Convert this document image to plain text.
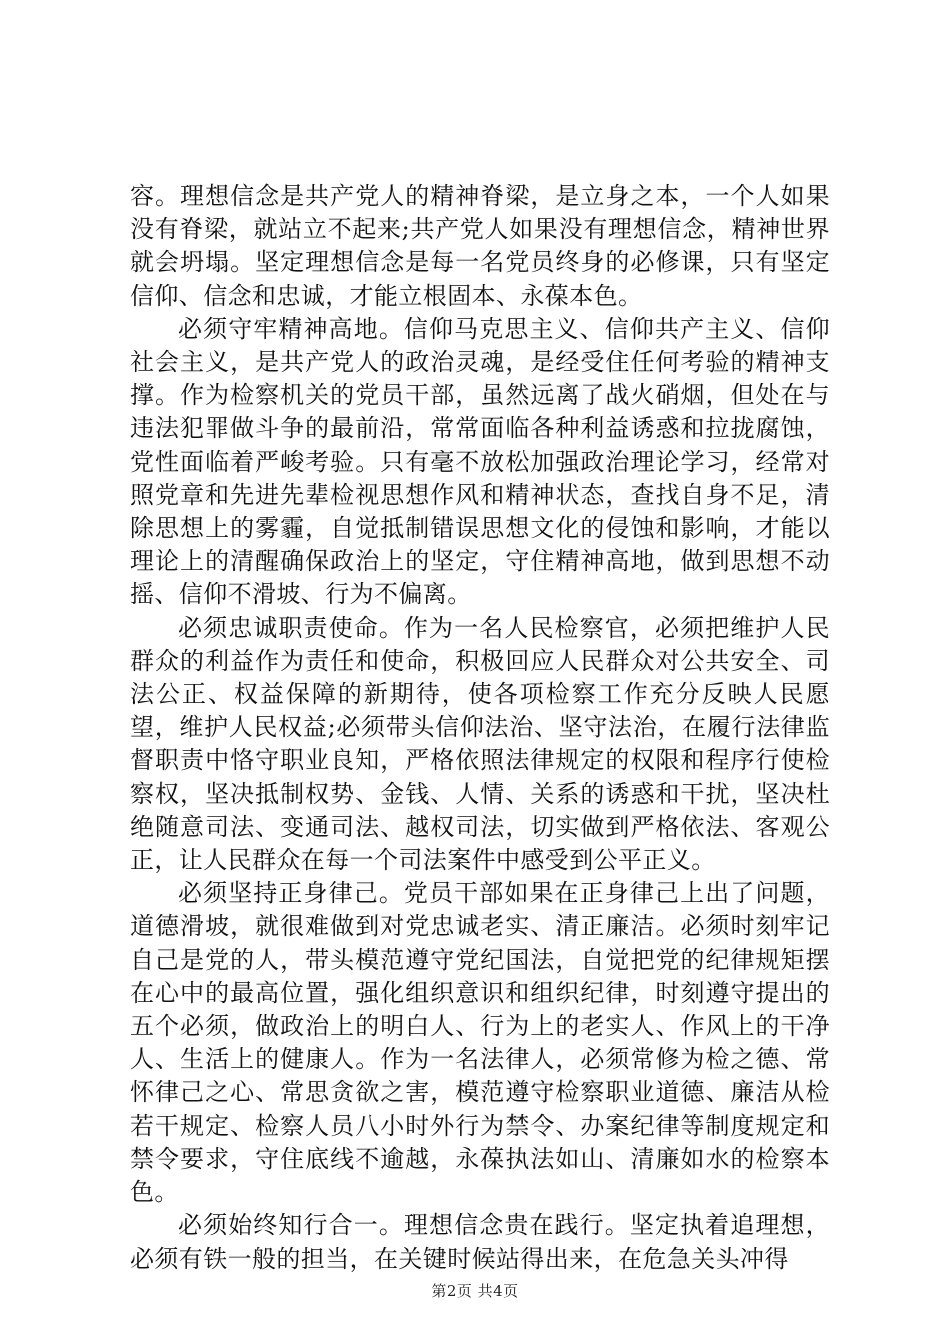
容。理想信念是共产党人的精神脊梁，是立身之本，一个人如果没有脊梁，就站立不起来;共产党人如果没有理想信念，精神世界就会坍塌。坚定理想信念是每一名党员终身的必修课，只有坚定信仰、信念和忠诚，才能立根固本、永葆本色。

必须守牢精神高地。信仰马克思主义、信仰共产主义、信仰社会主义，是共产党人的政治灵魂，是经受住任何考验的精神支撑。作为检察机关的党员干部，虽然远离了战火硝烟，但处在与违法犯罪做斗争的最前沿，常常面临各种利益诱惑和拉拢腐蚀，党性面临着严峻考验。只有毫不放松加强政治理论学习，经常对照党章和先进先辈检视思想作风和精神状态，查找自身不足，清除思想上的雾霾，自觉抵制错误思想文化的侵蚀和影响，才能以理论上的清醒确保政治上的坚定，守住精神高地，做到思想不动摇、信仰不滑坡、行为不偏离。

必须忠诚职责使命。作为一名人民检察官，必须把维护人民群众的利益作为责任和使命，积极回应人民群众对公共安全、司法公正、权益保障的新期待，使各项检察工作充分反映人民愿望，维护人民权益;必须带头信仰法治、坚守法治，在履行法律监督职责中恪守职业良知，严格依照法律规定的权限和程序行使检察权，坚决抵制权势、金钱、人情、关系的诱惑和干扰，坚决杜绝随意司法、变通司法、越权司法，切实做到严格依法、客观公正，让人民群众在每一个司法案件中感受到公平正义。

必须坚持正身律己。党员干部如果在正身律己上出了问题，道德滑坡，就很难做到对党忠诚老实、清正廉洁。必须时刻牢记自己是党的人，带头模范遵守党纪国法，自觉把党的纪律规矩摆在心中的最高位置，强化组织意识和组织纪律，时刻遵守提出的五个必须，做政治上的明白人、行为上的老实人、作风上的干净人、生活上的健康人。作为一名法律人，必须常修为检之德、常怀律己之心、常思贪欲之害，模范遵守检察职业道德、廉洁从检若干规定、检察人员八小时外行为禁令、办案纪律等制度规定和禁令要求，守住底线不逾越，永葆执法如山、清廉如水的检察本色。

必须始终知行合一。理想信念贵在践行。坚定执着追理想，必须有铁一般的担当，在关键时候站得出来，在危急关头冲得

第2页 共4页
